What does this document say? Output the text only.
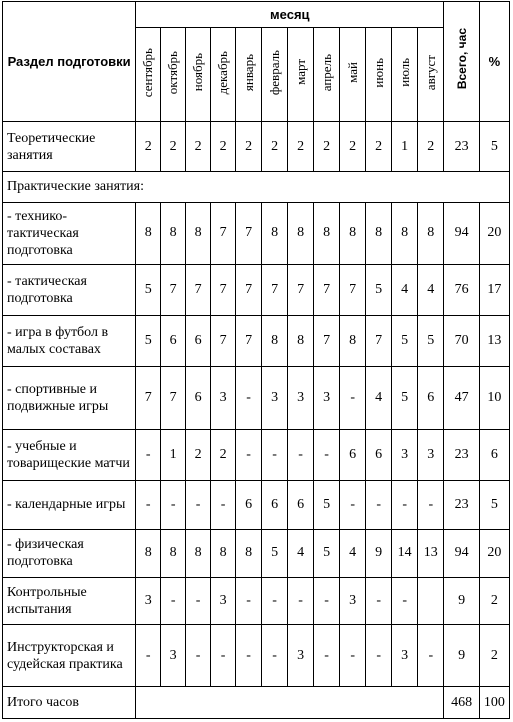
Раздел подготовки	месяц												Всего, час	%
	сентябрь	октябрь	ноябрь	декабрь	январь	февраль	март	апрель	май	июнь	июль	август		
Теоретические занятия	2	2	2	2	2	2	2	2	2	2	1	2	23	5
Практические занятия:														
- технико-тактическая подготовка	8	8	8	7	7	8	8	8	8	8	8	8	94	20
- тактическая подготовка	5	7	7	7	7	7	7	7	7	5	4	4	76	17
- игра в футбол в малых составах	5	6	6	7	7	8	8	7	8	7	5	5	70	13
- спортивные и подвижные игры	7	7	6	3	-	3	3	3	-	4	5	6	47	10
- учебные и товарищеские матчи	-	1	2	2	-	-	-	-	6	6	3	3	23	6
- календарные игры	-	-	-	-	6	6	6	5	-	-	-	-	23	5
- физическая подготовка	8	8	8	8	8	5	4	5	4	9	14	13	94	20
Контрольные испытания	3	-	-	3	-	-	-	-	3	-	-		9	2
Инструкторская и судейская практика	-	3	-	-	-	-	3	-	-	-	3	-	9	2
Итого часов													468	100
